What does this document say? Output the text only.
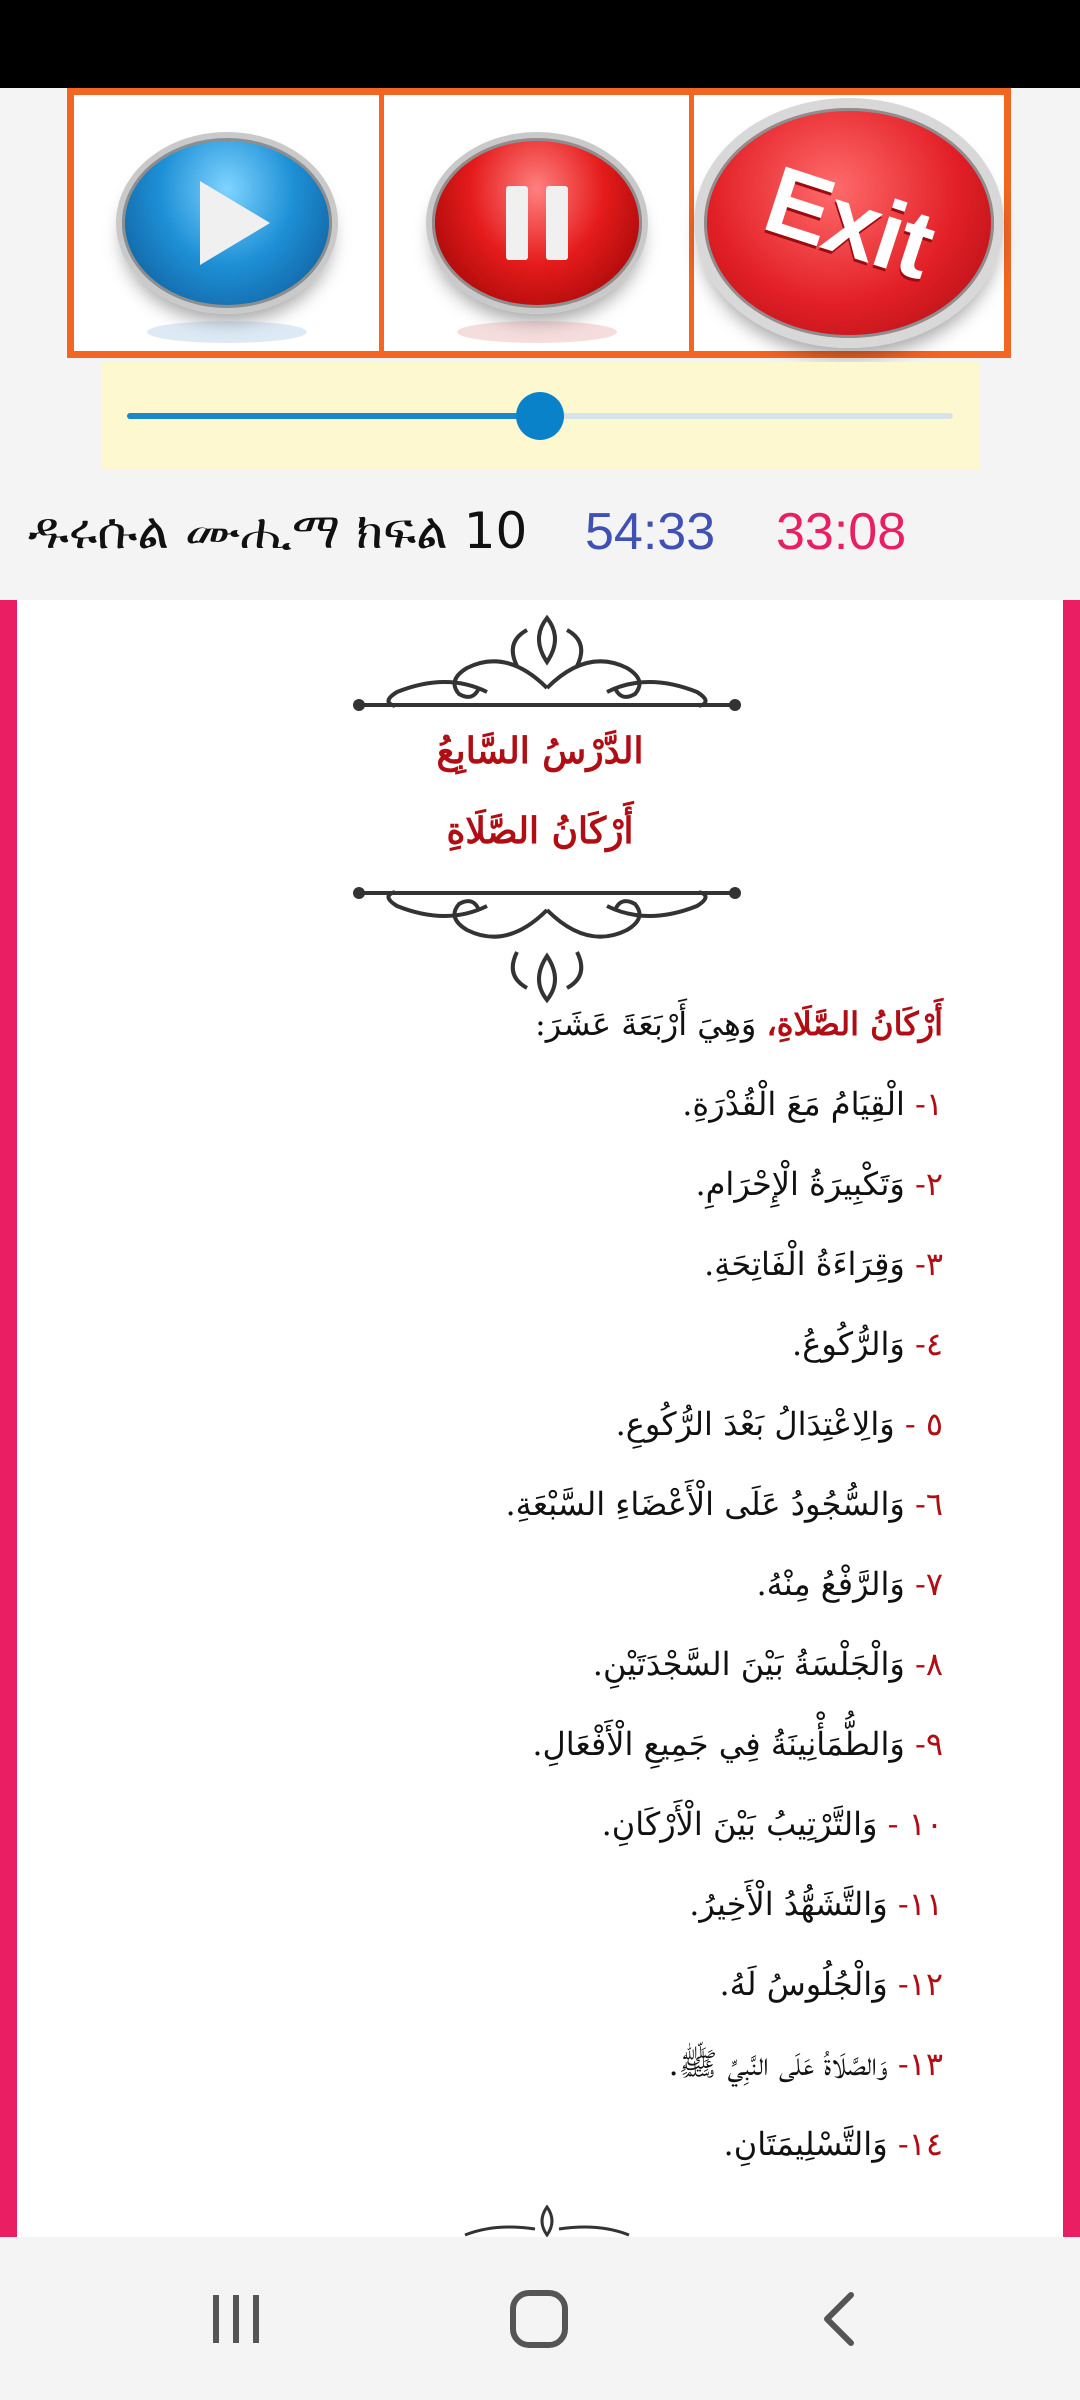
Exit
ዱሩሱል ሙሒማ ክፍል 10 54:33 33:08
الدَّرْسُ السَّابِعُ
أَرْكَانُ الصَّلَاةِ
أَرْكَانُ الصَّلَاةِ، وَهِيَ أَرْبَعَةَ عَشَرَ:
١- الْقِيَامُ مَعَ الْقُدْرَةِ.
٢- وَتَكْبِيرَةُ الْإِحْرَامِ.
٣- وَقِرَاءَةُ الْفَاتِحَةِ.
٤- وَالرُّكُوعُ.
٥ - وَالِاعْتِدَالُ بَعْدَ الرُّكُوعِ.
٦- وَالسُّجُودُ عَلَى الْأَعْضَاءِ السَّبْعَةِ.
٧- وَالرَّفْعُ مِنْهُ.
٨- وَالْجَلْسَةُ بَيْنَ السَّجْدَتَيْنِ.
٩- وَالطُّمَأْنِينَةُ فِي جَمِيعِ الْأَفْعَالِ.
١٠ - وَالتَّرْتِيبُ بَيْنَ الْأَرْكَانِ.
١١- وَالتَّشَهُّدُ الْأَخِيرُ.
١٢- وَالْجُلُوسُ لَهُ.
١٣- وَالصَّلَاةُ عَلَى النَّبِيِّ ﷺ.
١٤- وَالتَّسْلِيمَتَانِ.
